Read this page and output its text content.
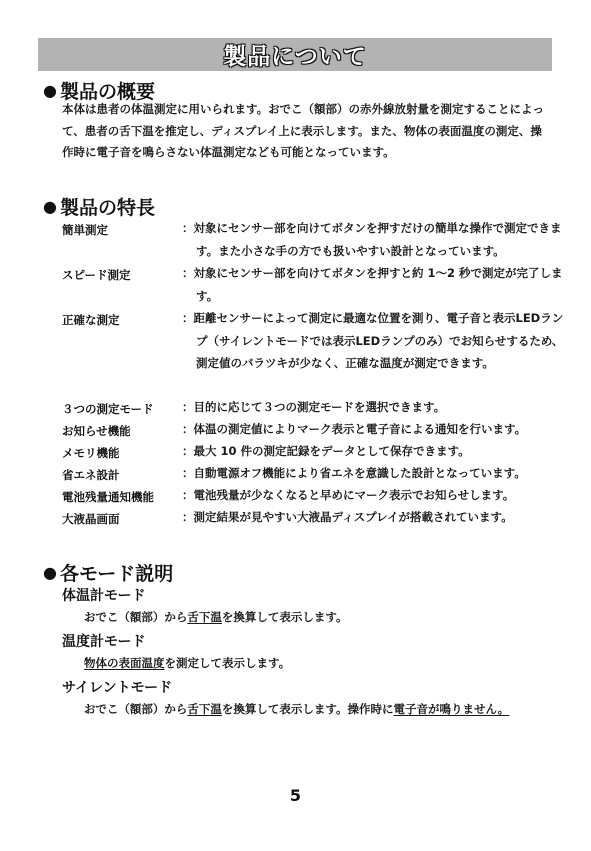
製品について
● 製品の概要
本体は患者の体温測定に用いられます。おでこ（額部）の赤外線放射量を測定することによって、患者の舌下温を推定し、ディスプレイ上に表示します。また、物体の表面温度の測定、操作時に電子音を鳴らさない体温測定なども可能となっています。
● 製品の特長
簡単測定	：対象にセンサー部を向けてボタンを押すだけの簡単な操作で測定できます。また小さな手の方でも扱いやすい設計となっています。
スピード測定	：対象にセンサー部を向けてボタンを押すと約 1～2 秒で測定が完了します。
正確な測定	：距離センサーによって測定に最適な位置を測り、電子音と表示LEDランプ（サイレントモードでは表示LEDランプのみ）でお知らせするため、測定値のバラツキが少なく、正確な温度が測定できます。
３つの測定モード ：目的に応じて３つの測定モードを選択できます。
お知らせ機能	：体温の測定値によりマーク表示と電子音による通知を行います。
メモリ機能	：最大 10 件の測定記録をデータとして保存できます。
省エネ設計	：自動電源オフ機能により省エネを意識した設計となっています。
電池残量通知機能 ：電池残量が少なくなると早めにマーク表示でお知らせします。
大液晶画面	：測定結果が見やすい大液晶ディスプレイが搭載されています。
● 各モード説明
体温計モード
おでこ（額部）から舌下温を換算して表示します。
温度計モード
物体の表面温度を測定して表示します。
サイレントモード
おでこ（額部）から舌下温を換算して表示します。操作時に電子音が鳴りません。
5
